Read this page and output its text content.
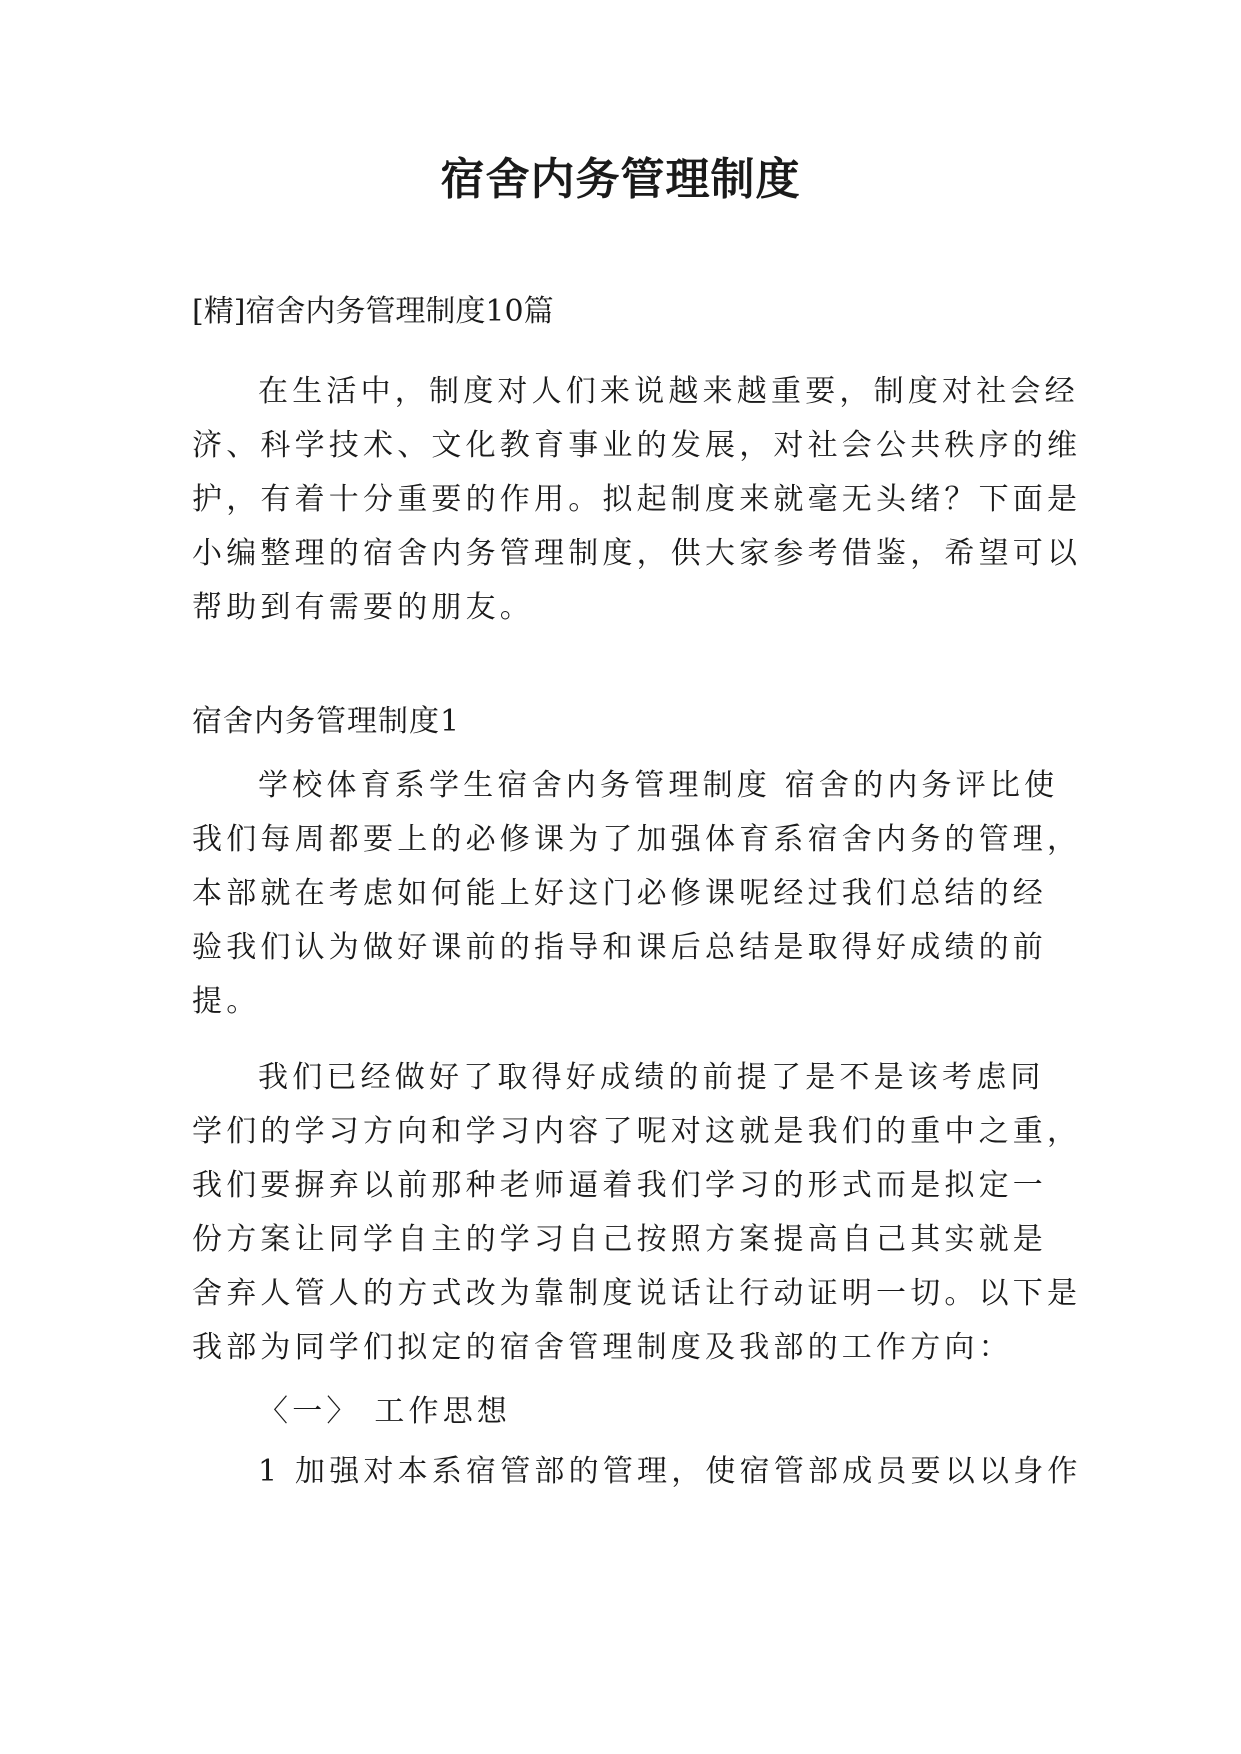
宿舍内务管理制度
[精]宿舍内务管理制度10篇
在生活中，制度对人们来说越来越重要，制度对社会经
济、科学技术、文化教育事业的发展，对社会公共秩序的维
护，有着十分重要的作用。拟起制度来就毫无头绪？下面是
小编整理的宿舍内务管理制度，供大家参考借鉴，希望可以
帮助到有需要的朋友。
宿舍内务管理制度1
学校体育系学生宿舍内务管理制度 宿舍的内务评比使
我们每周都要上的必修课为了加强体育系宿舍内务的管理，
本部就在考虑如何能上好这门必修课呢经过我们总结的经
验我们认为做好课前的指导和课后总结是取得好成绩的前
提。
我们已经做好了取得好成绩的前提了是不是该考虑同
学们的学习方向和学习内容了呢对这就是我们的重中之重，
我们要摒弃以前那种老师逼着我们学习的形式而是拟定一
份方案让同学自主的学习自己按照方案提高自己其实就是
舍弃人管人的方式改为靠制度说话让行动证明一切。以下是
我部为同学们拟定的宿舍管理制度及我部的工作方向：
〈一〉 工作思想
1 加强对本系宿管部的管理，使宿管部成员要以以身作
